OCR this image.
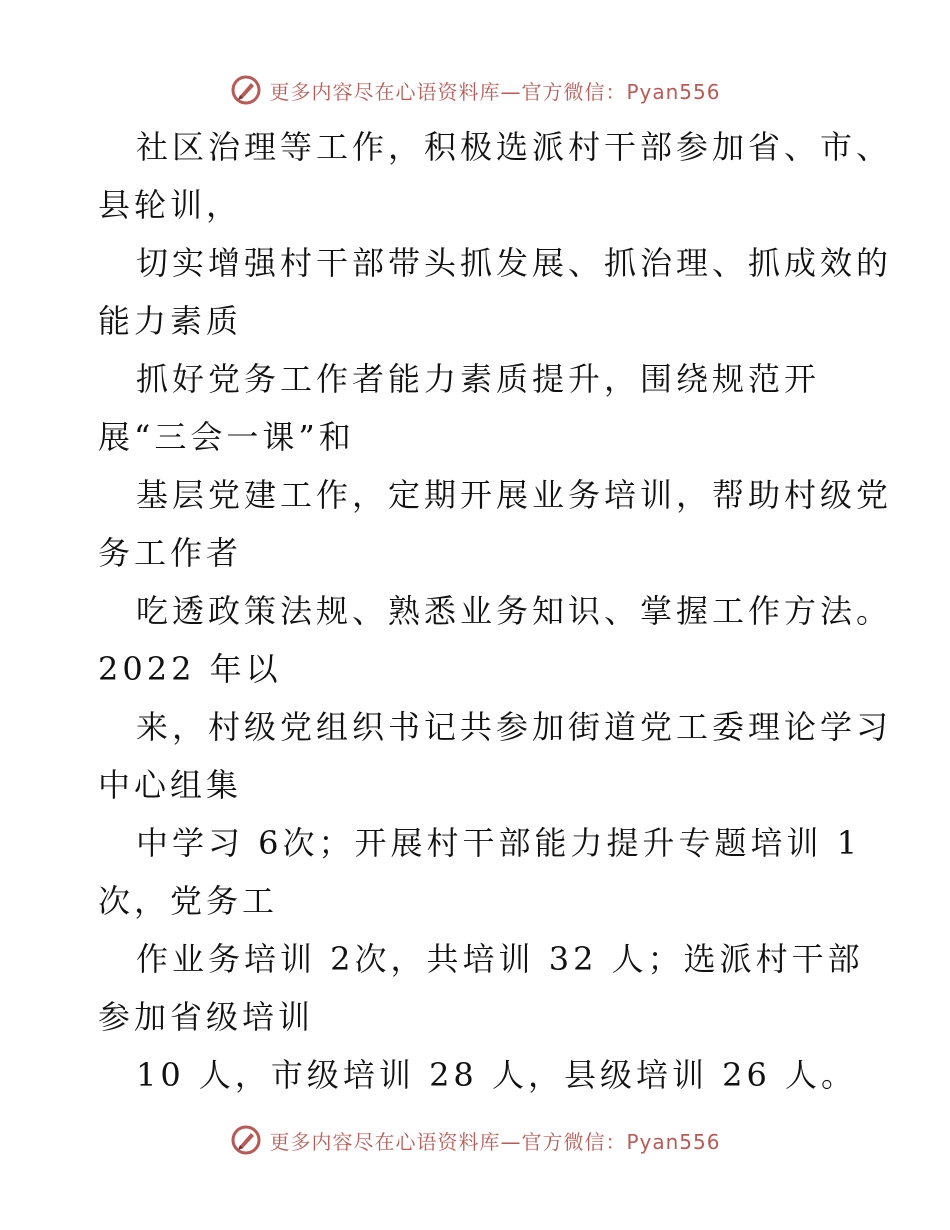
更多内容尽在心语资料库—官方微信：Pyan556
社区治理等工作，积极选派村干部参加省、市、
县轮训，
切实增强村干部带头抓发展、抓治理、抓成效的
能力素质
抓好党务工作者能力素质提升，围绕规范开
展“三会一课”和
基层党建工作，定期开展业务培训，帮助村级党
务工作者
吃透政策法规、熟悉业务知识、掌握工作方法。
2022 年以
来，村级党组织书记共参加街道党工委理论学习
中心组集
中学习 6次；开展村干部能力提升专题培训 1
次，党务工
作业务培训 2次，共培训 32 人；选派村干部
参加省级培训
10 人，市级培训 28 人，县级培训 26 人。
更多内容尽在心语资料库—官方微信：Pyan556
